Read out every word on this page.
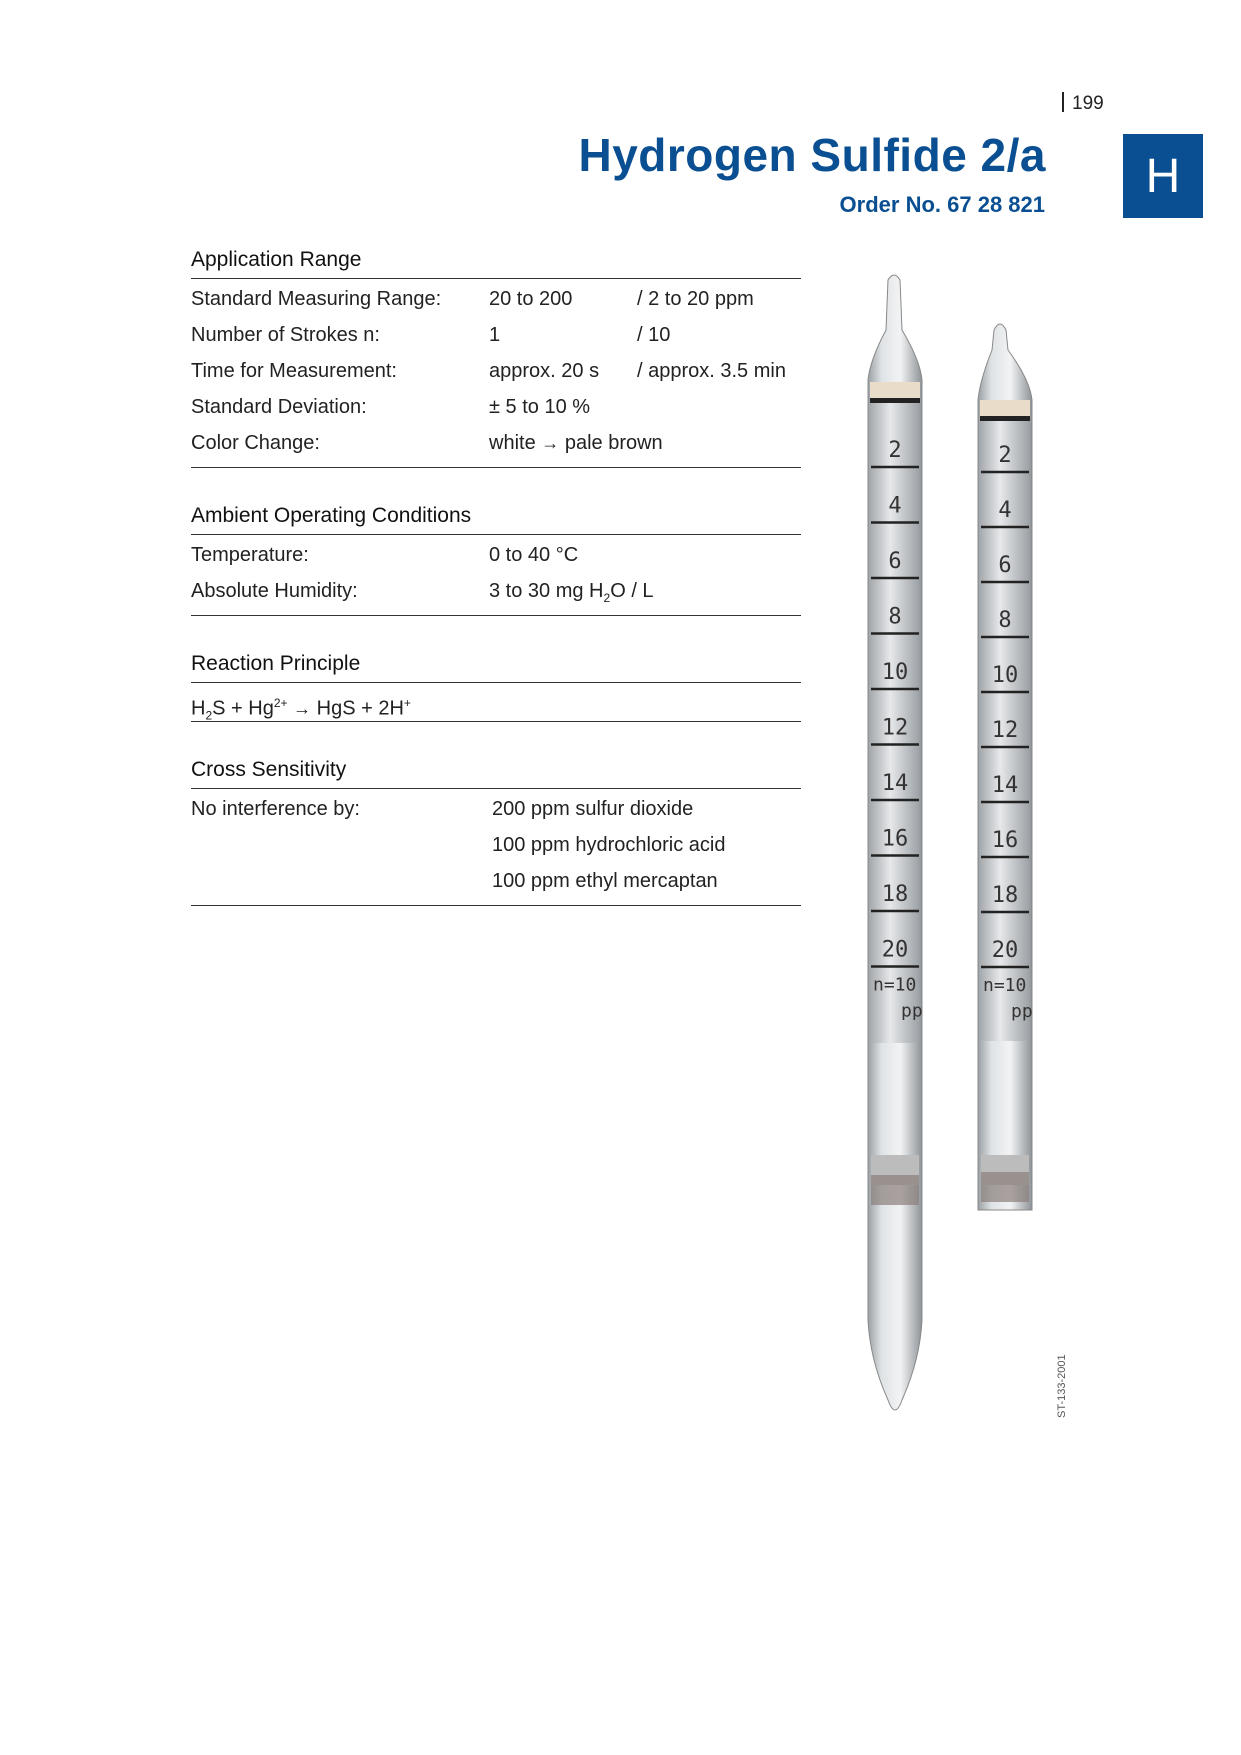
199
Hydrogen Sulfide 2/a
Order No. 67 28 821
H
Application Range
Standard Measuring Range:	20 to 200	/ 2 to 20 ppm
Number of Strokes n:	1	/ 10
Time for Measurement:	approx. 20 s	/ approx. 3.5 min
Standard Deviation:	± 5 to 10 %
Color Change:	white → pale brown
Ambient Operating Conditions
Temperature:	0 to 40 °C
Absolute Humidity:	3 to 30 mg $H_2O$ / L
Reaction Principle
$H_2S + Hg^{2+}$ → HgS + 2H+
Cross Sensitivity
No interference by:	200 ppm sulfur dioxide
100 ppm hydrochloric acid
100 ppm ethyl mercaptan
2
4
6
8
10
12
14
16
18
20
n=10
pp
2
4
6
8
10
12
14
16
18
20
n=10
pp
ST-133-2001
